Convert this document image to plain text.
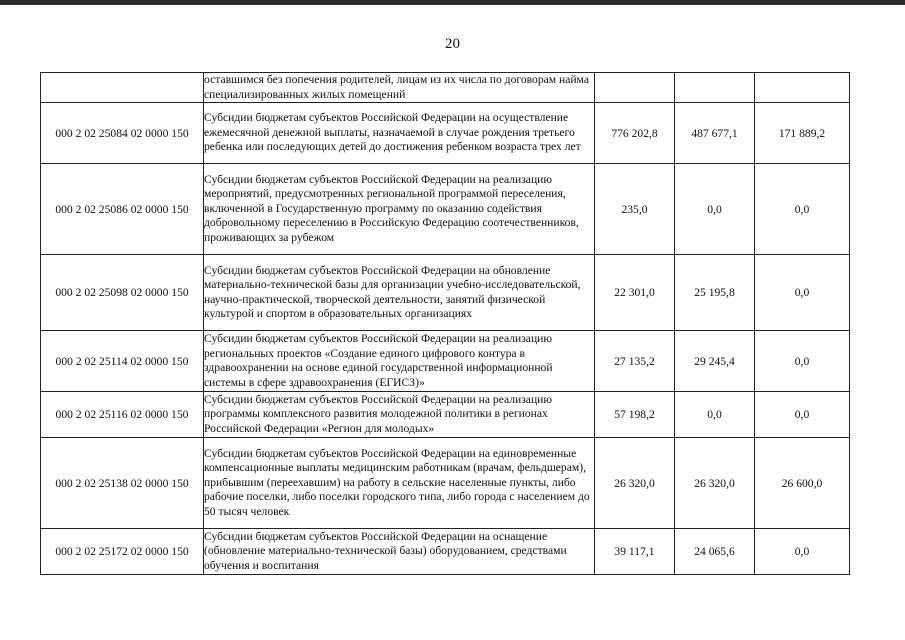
20
	оставшимся без попечения родителей, лицам из их числа по договорам найма специализированных жилых помещений			
000 2 02 25084 02 0000 150	Субсидии бюджетам субъектов Российской Федерации на осуществление ежемесячной денежной выплаты, назначаемой в случае рождения третьего ребенка или последующих детей до достижения ребенком возраста трех лет	776 202,8	487 677,1	171 889,2
000 2 02 25086 02 0000 150	Субсидии бюджетам субъектов Российской Федерации на реализацию мероприятий, предусмотренных региональной программой переселения, включенной в Государственную программу по оказанию содействия добровольному переселению в Российскую Федерацию соотечественников, проживающих за рубежом	235,0	0,0	0,0
000 2 02 25098 02 0000 150	Субсидии бюджетам субъектов Российской Федерации на обновление материально-технической базы для организации учебно-исследовательской, научно-практической, творческой деятельности, занятий физической культурой и спортом в образовательных организациях	22 301,0	25 195,8	0,0
000 2 02 25114 02 0000 150	Субсидии бюджетам субъектов Российской Федерации на реализацию региональных проектов «Создание единого цифрового контура в здравоохранении на основе единой государственной информационной системы в сфере здравоохранения (ЕГИСЗ)»	27 135,2	29 245,4	0,0
000 2 02 25116 02 0000 150	Субсидии бюджетам субъектов Российской Федерации на реализацию программы комплексного развития молодежной политики в регионах Российской Федерации «Регион для молодых»	57 198,2	0,0	0,0
000 2 02 25138 02 0000 150	Субсидии бюджетам субъектов Российской Федерации на единовременные компенсационные выплаты медицинским работникам (врачам, фельдшерам), прибывшим (переехавшим) на работу в сельские населенные пункты, либо рабочие поселки, либо поселки городского типа, либо города с населением до 50 тысяч человек	26 320,0	26 320,0	26 600,0
000 2 02 25172 02 0000 150	Субсидии бюджетам субъектов Российской Федерации на оснащение (обновление материально-технической базы) оборудованием, средствами обучения и воспитания	39 117,1	24 065,6	0,0
